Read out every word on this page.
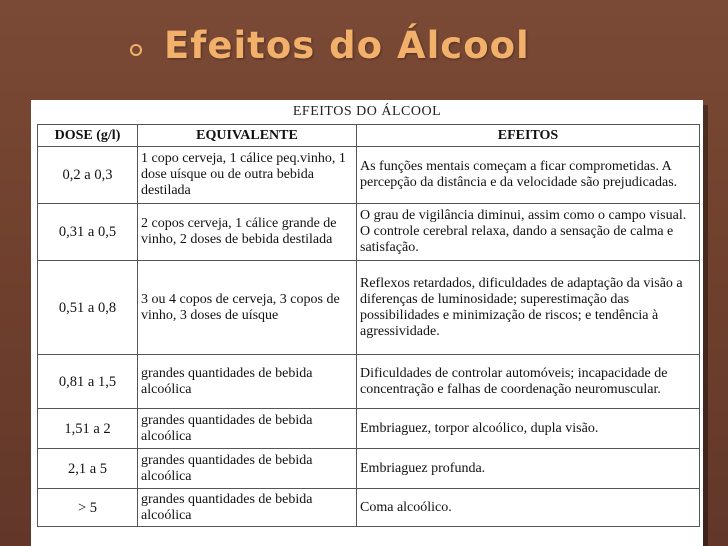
Efeitos do Álcool
EFEITOS DO ÁLCOOL
DOSE (g/l)	EQUIVALENTE	EFEITOS
0,2 a 0,3	1 copo cerveja, 1 cálice peq.vinho, 1 dose uísque ou de outra bebida destilada	As funções mentais começam a ficar comprometidas. A percepção da distância e da velocidade são prejudicadas.
0,31 a 0,5	2 copos cerveja, 1 cálice grande de vinho, 2 doses de bebida destilada	O grau de vigilância diminui, assim como o campo visual. O controle cerebral relaxa, dando a sensação de calma e satisfação.
0,51 a 0,8	3 ou 4 copos de cerveja, 3 copos de vinho, 3 doses de uísque	Reflexos retardados, dificuldades de adaptação da visão a diferenças de luminosidade; superestimação das possibilidades e minimização de riscos; e tendência à agressividade.
0,81 a 1,5	grandes quantidades de bebida alcoólica	Dificuldades de controlar automóveis; incapacidade de concentração e falhas de coordenação neuromuscular.
1,51 a 2	grandes quantidades de bebida alcoólica	Embriaguez, torpor alcoólico, dupla visão.
2,1 a 5	grandes quantidades de bebida alcoólica	Embriaguez profunda.
> 5	grandes quantidades de bebida alcoólica	Coma alcoólico.
